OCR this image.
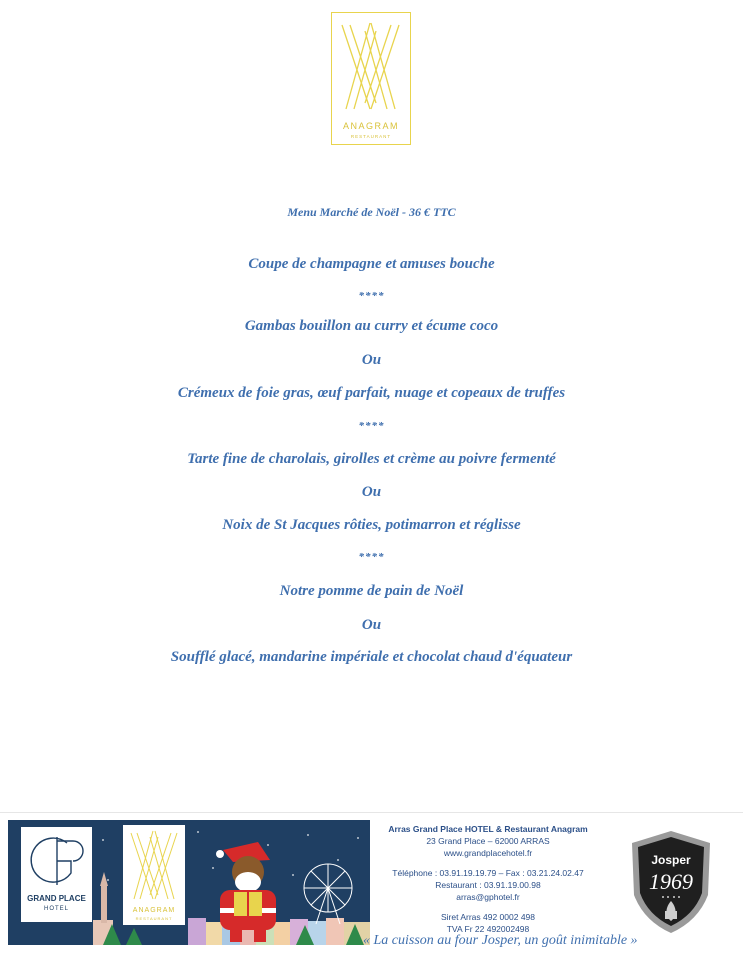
ANAGRAM
RESTAURANT
Menu Marché de Noël - 36 € TTC
Coupe de champagne et amuses bouche
****
Gambas bouillon au curry et écume coco
Ou
Crémeux de foie gras, œuf parfait, nuage et copeaux de truffes
****
Tarte fine de charolais, girolles et crème au poivre fermenté
Ou
Noix de St Jacques rôties, potimarron et réglisse
****
Notre pomme de pain de Noël
Ou
Soufflé glacé, mandarine impériale et chocolat chaud d'équateur
GRAND PLACE
HOTEL	ANAGRAM
RESTAURANT
Arras Grand Place HOTEL & Restaurant Anagram
23 Grand Place – 62000 ARRAS
www.grandplacehotel.fr
Téléphone : 03.91.19.19.79 – Fax : 03.21.24.02.47
Restaurant : 03.91.19.00.98
arras@gphotel.fr
Siret Arras 492 0002 498
TVA Fr 22 492002498
« La cuisson au four Josper, un goût inimitable »
Josper
1969
